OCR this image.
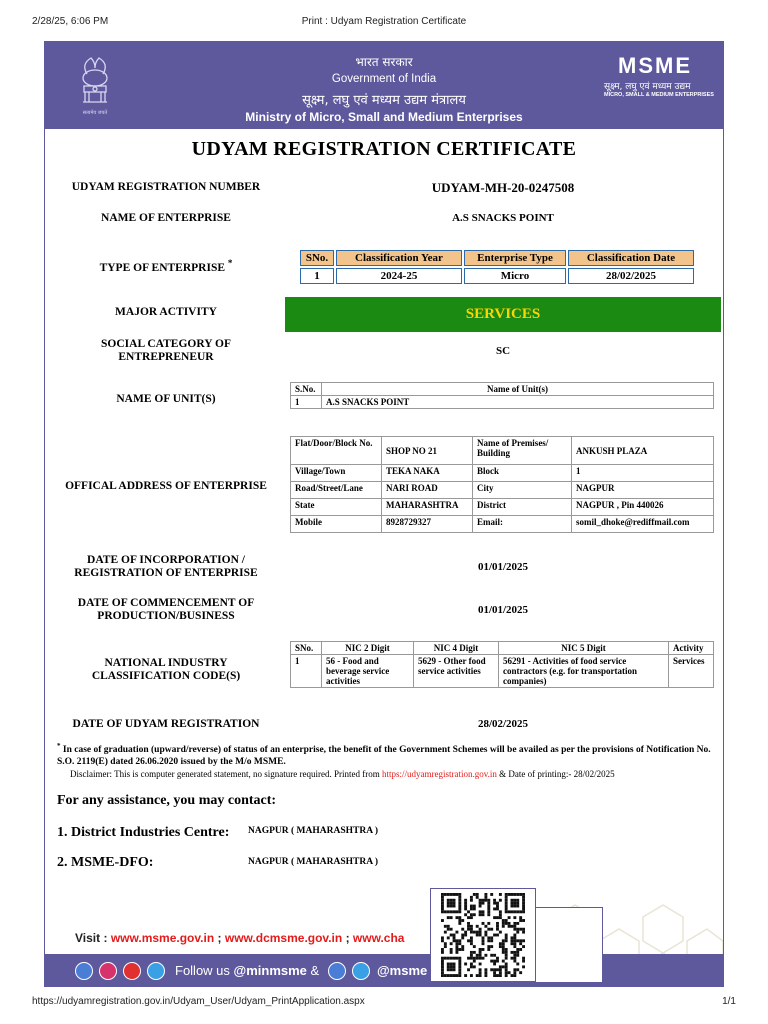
2/28/25, 6:06 PM	Print : Udyam Registration Certificate
सत्यमेव जयते
भारत सरकार
Government of India
सूक्ष्म, लघु एवं मध्यम उद्यम मंत्रालय
Ministry of Micro, Small and Medium Enterprises
MSME
सूक्ष्म, लघु एवं मध्यम उद्यम
MICRO, SMALL & MEDIUM ENTERPRISES
UDYAM REGISTRATION CERTIFICATE
UDYAM REGISTRATION NUMBER	UDYAM-MH-20-0247508
NAME OF ENTERPRISE	A.S SNACKS POINT
TYPE OF ENTERPRISE *	SNo.	Classification Year	Enterprise Type	Classification Date
1	2024-25	Micro	28/02/2025
MAJOR ACTIVITY	SERVICES
SOCIAL CATEGORY OF ENTREPRENEUR	SC
NAME OF UNIT(S)
S.No.	Name of Unit(s)
1	A.S SNACKS POINT
OFFICAL ADDRESS OF ENTERPRISE
Flat/Door/Block No.	SHOP NO 21	Name of Premises/ Building	ANKUSH PLAZA
Village/Town	TEKA NAKA	Block	1
Road/Street/Lane	NARI ROAD	City	NAGPUR
State	MAHARASHTRA	District	NAGPUR , Pin 440026
Mobile	8928729327	Email:	somil_dhoke@rediffmail.com
DATE OF INCORPORATION / REGISTRATION OF ENTERPRISE	01/01/2025
DATE OF COMMENCEMENT OF PRODUCTION/BUSINESS	01/01/2025
NATIONAL INDUSTRY CLASSIFICATION CODE(S)
SNo.	NIC 2 Digit	NIC 4 Digit	NIC 5 Digit	Activity
1	56 - Food and beverage service activities	5629 - Other food service activities	56291 - Activities of food service contractors (e.g. for transportation companies)	Services
DATE OF UDYAM REGISTRATION	28/02/2025
* In case of graduation (upward/reverse) of status of an enterprise, the benefit of the Government Schemes will be availed as per the provisions of Notification No. S.O. 2119(E) dated 26.06.2020 issued by the M/o MSME.
Disclaimer: This is computer generated statement, no signature required. Printed from https://udyamregistration.gov.in & Date of printing:- 28/02/2025
For any assistance, you may contact:
1. District Industries Centre: NAGPUR ( MAHARASHTRA )
2. MSME-DFO:	NAGPUR ( MAHARASHTRA )
Visit : www.msme.gov.in ; www.dcmsme.gov.in ; www.cha
Follow us @minmsme &	@msme
https://udyamregistration.gov.in/Udyam_User/Udyam_PrintApplication.aspx	1/1
